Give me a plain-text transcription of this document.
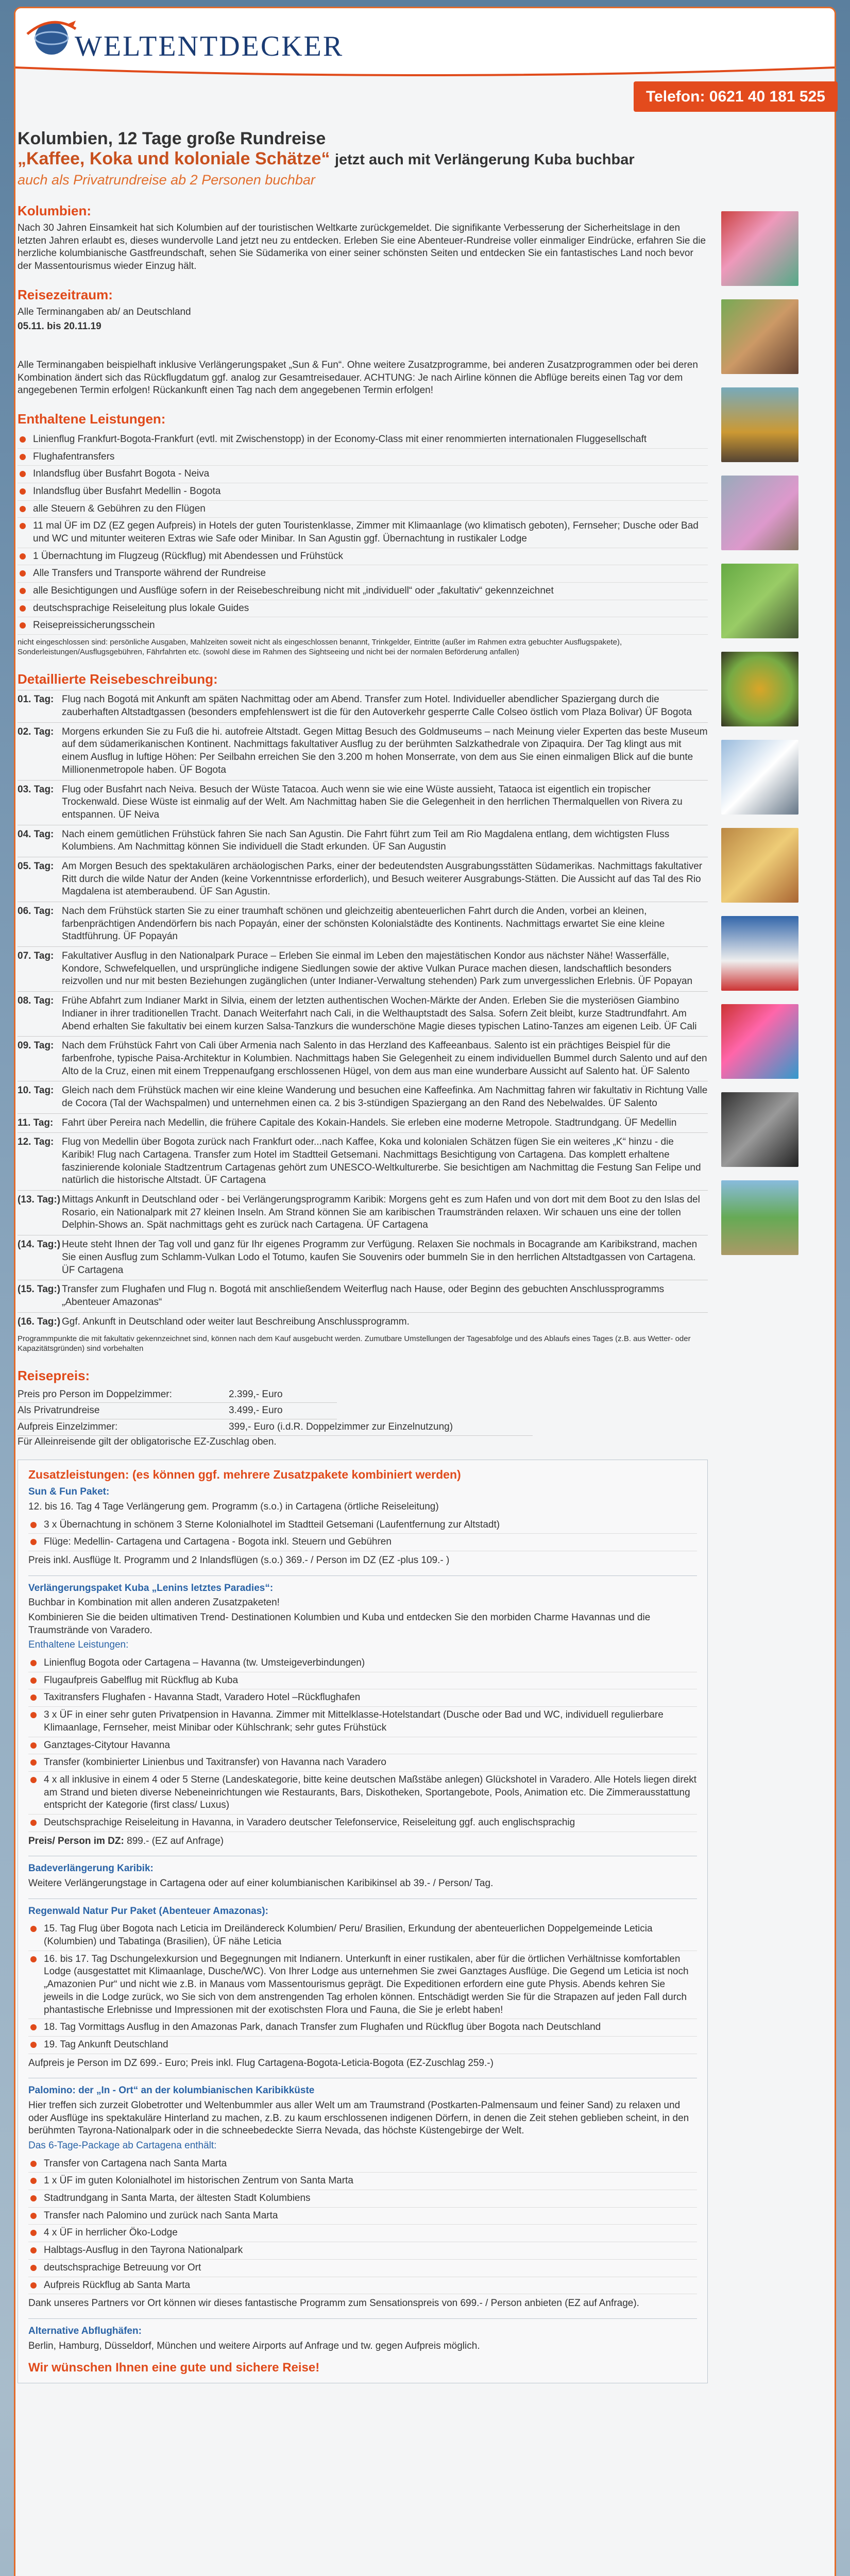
WELTENTDECKER
Telefon: 0621 40 181 525
Kolumbien, 12 Tage große Rundreise
„Kaffee, Koka und koloniale Schätze“ jetzt auch mit Verlängerung Kuba buchbar
auch als Privatrundreise ab 2 Personen buchbar
Kolumbien:

Nach 30 Jahren Einsamkeit hat sich Kolumbien auf der touristischen Weltkarte zurückgemeldet. Die signifikante Verbesserung der Sicherheitslage in den letzten Jahren erlaubt es, dieses wundervolle Land jetzt neu zu entdecken. Erleben Sie eine Abenteuer-Rundreise voller einmaliger Eindrücke, erfahren Sie die herzliche kolumbianische Gastfreundschaft, sehen Sie Südamerika von einer seiner schönsten Seiten und entdecken Sie ein fantastisches Land noch bevor der Massentourismus wieder Einzug hält.

Reisezeitraum:

Alle Terminangaben ab/ an Deutschland

05.11. bis 20.11.19

Alle Terminangaben beispielhaft inklusive Verlängerungspaket „Sun & Fun“. Ohne weitere Zusatzprogramme, bei anderen Zusatzprogrammen oder bei deren Kombination ändert sich das Rückflugdatum ggf. analog zur Gesamtreisedauer. ACHTUNG: Je nach Airline können die Abflüge bereits einen Tag vor dem angegebenen Termin erfolgen! Rückankunft einen Tag nach dem angegebenen Termin erfolgen!

Enthaltene Leistungen:
Linienflug Frankfurt-Bogota-Frankfurt (evtl. mit Zwischenstopp) in der Economy-Class mit einer renommierten internationalen Fluggesellschaft
Flughafentransfers
Inlandsflug über Busfahrt Bogota - Neiva
Inlandsflug über Busfahrt Medellin - Bogota
alle Steuern & Gebühren zu den Flügen
11 mal ÜF im DZ (EZ gegen Aufpreis) in Hotels der guten Touristenklasse, Zimmer mit Klimaanlage (wo klimatisch geboten), Fernseher; Dusche oder Bad und WC und mitunter weiteren Extras wie Safe oder Minibar. In San Agustin ggf. Übernachtung in rustikaler Lodge
1 Übernachtung im Flugzeug (Rückflug) mit Abendessen und Frühstück
Alle Transfers und Transporte während der Rundreise
alle Besichtigungen und Ausflüge sofern in der Reisebeschreibung nicht mit „individuell“ oder „fakultativ“ gekennzeichnet
deutschsprachige Reiseleitung plus lokale Guides
Reisepreissicherungsschein

nicht eingeschlossen sind: persönliche Ausgaben, Mahlzeiten soweit nicht als eingeschlossen benannt, Trinkgelder, Eintritte (außer im Rahmen extra gebuchter Ausflugspakete), Sonderleistungen/Ausflugsgebühren, Fährfahrten etc. (sowohl diese im Rahmen des Sightseeing und nicht bei der normalen Beförderung anfallen)

Detaillierte Reisebeschreibung:
01. Tag: Flug nach Bogotá mit Ankunft am späten Nachmittag oder am Abend. Transfer zum Hotel. Individueller abendlicher Spaziergang durch die zauberhaften Altstadtgassen (besonders empfehlenswert ist die für den Autoverkehr gesperrte Calle Colseo östlich vom Plaza Bolivar) ÜF Bogota
02. Tag: Morgens erkunden Sie zu Fuß die hi. autofreie Altstadt. Gegen Mittag Besuch des Goldmuseums – nach Meinung vieler Experten das beste Museum auf dem südamerikanischen Kontinent. Nachmittags fakultativer Ausflug zu der berühmten Salzkathedrale von Zipaquira. Der Tag klingt aus mit einem Ausflug in luftige Höhen: Per Seilbahn erreichen Sie den 3.200 m hohen Monserrate, von dem aus Sie einen einmaligen Blick auf die bunte Millionenmetropole haben. ÜF Bogota
03. Tag: Flug oder Busfahrt nach Neiva. Besuch der Wüste Tatacoa. Auch wenn sie wie eine Wüste aussieht, Tataoca ist eigentlich ein tropischer Trockenwald. Diese Wüste ist einmalig auf der Welt. Am Nachmittag haben Sie die Gelegenheit in den herrlichen Thermalquellen von Rivera zu entspannen. ÜF Neiva
04. Tag: Nach einem gemütlichen Frühstück fahren Sie nach San Agustin. Die Fahrt führt zum Teil am Rio Magdalena entlang, dem wichtigsten Fluss Kolumbiens. Am Nachmittag können Sie individuell die Stadt erkunden. ÜF San Augustin
05. Tag: Am Morgen Besuch des spektakulären archäologischen Parks, einer der bedeutendsten Ausgrabungsstätten Südamerikas. Nachmittags fakultativer Ritt durch die wilde Natur der Anden (keine Vorkenntnisse erforderlich), und Besuch weiterer Ausgrabungs-Stätten. Die Aussicht auf das Tal des Rio Magdalena ist atemberaubend. ÜF San Agustin.
06. Tag: Nach dem Frühstück starten Sie zu einer traumhaft schönen und gleichzeitig abenteuerlichen Fahrt durch die Anden, vorbei an kleinen, farbenprächtigen Andendörfern bis nach Popayán, einer der schönsten Kolonialstädte des Kontinents. Nachmittags erwartet Sie eine kleine Stadtführung. ÜF Popayán
07. Tag: Fakultativer Ausflug in den Nationalpark Purace – Erleben Sie einmal im Leben den majestätischen Kondor aus nächster Nähe! Wasserfälle, Kondore, Schwefelquellen, und ursprüngliche indigene Siedlungen sowie der aktive Vulkan Purace machen diesen, landschaftlich besonders reizvollen und nur mit besten Beziehungen zugänglichen (unter Indianer-Verwaltung stehenden) Park zum unvergesslichen Erlebnis. ÜF Popayan
08. Tag: Frühe Abfahrt zum Indianer Markt in Silvia, einem der letzten authentischen Wochen-Märkte der Anden. Erleben Sie die mysteriösen Giambino Indianer in ihrer traditionellen Tracht. Danach Weiterfahrt nach Cali, in die Welthauptstadt des Salsa. Sofern Zeit bleibt, kurze Stadtrundfahrt. Am Abend erhalten Sie fakultativ bei einem kurzen Salsa-Tanzkurs die wunderschöne Magie dieses typischen Latino-Tanzes am eigenen Leib. ÜF Cali
09. Tag: Nach dem Frühstück Fahrt von Cali über Armenia nach Salento in das Herzland des Kaffeeanbaus. Salento ist ein prächtiges Beispiel für die farbenfrohe, typische Paisa-Architektur in Kolumbien. Nachmittags haben Sie Gelegenheit zu einem individuellen Bummel durch Salento und auf den Alto de la Cruz, einen mit einem Treppenaufgang erschlossenen Hügel, von dem aus man eine wunderbare Aussicht auf Salento hat. ÜF Salento
10. Tag: Gleich nach dem Frühstück machen wir eine kleine Wanderung und besuchen eine Kaffeefinka. Am Nachmittag fahren wir fakultativ in Richtung Valle de Cocora (Tal der Wachspalmen) und unternehmen einen ca. 2 bis 3-stündigen Spaziergang an den Rand des Nebelwaldes. ÜF Salento
11. Tag: Fahrt über Pereira nach Medellin, die frühere Capitale des Kokain-Handels. Sie erleben eine moderne Metropole. Stadtrundgang. ÜF Medellin
12. Tag: Flug von Medellin über Bogota zurück nach Frankfurt oder...nach Kaffee, Koka und kolonialen Schätzen fügen Sie ein weiteres „K“ hinzu - die Karibik! Flug nach Cartagena. Transfer zum Hotel im Stadtteil Getsemani. Nachmittags Besichtigung von Cartagena. Das komplett erhaltene faszinierende koloniale Stadtzentrum Cartagenas gehört zum UNESCO-Weltkulturerbe. Sie besichtigen am Nachmittag die Festung San Felipe und natürlich die historische Altstadt. ÜF Cartagena
(13. Tag:) Mittags Ankunft in Deutschland oder - bei Verlängerungsprogramm Karibik: Morgens geht es zum Hafen und von dort mit dem Boot zu den Islas del Rosario, ein Nationalpark mit 27 kleinen Inseln. Am Strand können Sie am karibischen Traumstränden relaxen. Wir schauen uns eine der tollen Delphin-Shows an. Spät nachmittags geht es zurück nach Cartagena. ÜF Cartagena
(14. Tag:) Heute steht Ihnen der Tag voll und ganz für Ihr eigenes Programm zur Verfügung. Relaxen Sie nochmals in Bocagrande am Karibikstrand, machen Sie einen Ausflug zum Schlamm-Vulkan Lodo el Totumo, kaufen Sie Souvenirs oder bummeln Sie in den herrlichen Altstadtgassen von Cartagena. ÜF Cartagena
(15. Tag:) Transfer zum Flughafen und Flug n. Bogotá mit anschließendem Weiterflug nach Hause, oder Beginn des gebuchten Anschlussprogramms „Abenteuer Amazonas“
(16. Tag:) Ggf. Ankunft in Deutschland oder weiter laut Beschreibung Anschlussprogramm.

Programmpunkte die mit fakultativ gekennzeichnet sind, können nach dem Kauf ausgebucht werden. Zumutbare Umstellungen der Tagesabfolge und des Ablaufs eines Tages (z.B. aus Wetter- oder Kapazitätsgründen) sind vorbehalten

Reisepreis:
Preis pro Person im Doppelzimmer:	2.399,- Euro
Als Privatrundreise	3.499,- Euro
Aufpreis Einzelzimmer:	399,- Euro (i.d.R. Doppelzimmer zur Einzelnutzung)

Für Alleinreisende gilt der obligatorische EZ-Zuschlag oben.

Zusatzleistungen: (es können ggf. mehrere Zusatzpakete kombiniert werden)
Sun & Fun Paket:

12. bis 16. Tag 4 Tage Verlängerung gem. Programm (s.o.) in Cartagena (örtliche Reiseleitung)

3 x Übernachtung in schönem 3 Sterne Kolonialhotel im Stadtteil Getsemani (Laufentfernung zur Altstadt)
Flüge: Medellin- Cartagena und Cartagena - Bogota inkl. Steuern und Gebühren

Preis inkl. Ausflüge lt. Programm und 2 Inlandsflügen (s.o.) 369.- / Person im DZ (EZ -plus 109.- )

Verlängerungspaket Kuba „Lenins letztes Paradies“:

Buchbar in Kombination mit allen anderen Zusatzpaketen!

Kombinieren Sie die beiden ultimativen Trend- Destinationen Kolumbien und Kuba und entdecken Sie den morbiden Charme Havannas und die Traumstrände von Varadero.

Enthaltene Leistungen:

Linienflug Bogota oder Cartagena – Havanna (tw. Umsteigeverbindungen)
Flugaufpreis Gabelflug mit Rückflug ab Kuba
Taxitransfers Flughafen - Havanna Stadt, Varadero Hotel –Rückflughafen
3 x ÜF in einer sehr guten Privatpension in Havanna. Zimmer mit Mittelklasse-Hotelstandart (Dusche oder Bad und WC, individuell regulierbare Klimaanlage, Fernseher, meist Minibar oder Kühlschrank; sehr gutes Frühstück
Ganztages-Citytour Havanna
Transfer (kombinierter Linienbus und Taxitransfer) von Havanna nach Varadero
4 x all inklusive in einem 4 oder 5 Sterne (Landeskategorie, bitte keine deutschen Maßstäbe anlegen) Glückshotel in Varadero. Alle Hotels liegen direkt am Strand und bieten diverse Nebeneinrichtungen wie Restaurants, Bars, Diskotheken, Sportangebote, Pools, Animation etc. Die Zimmerausstattung entspricht der Kategorie (first class/ Luxus)
Deutschsprachige Reiseleitung in Havanna, in Varadero deutscher Telefonservice, Reiseleitung ggf. auch englischsprachig

Preis/ Person im DZ: 899.- (EZ auf Anfrage)

Badeverlängerung Karibik:

Weitere Verlängerungstage in Cartagena oder auf einer kolumbianischen Karibikinsel ab 39.- / Person/ Tag.

Regenwald Natur Pur Paket (Abenteuer Amazonas):
15. Tag Flug über Bogota nach Leticia im Dreiländereck Kolumbien/ Peru/ Brasilien, Erkundung der abenteuerlichen Doppelgemeinde Leticia (Kolumbien) und Tabatinga (Brasilien), ÜF nähe Leticia
16. bis 17. Tag Dschungelexkursion und Begegnungen mit Indianern. Unterkunft in einer rustikalen, aber für die örtlichen Verhältnisse komfortablen Lodge (ausgestattet mit Klimaanlage, Dusche/WC). Von Ihrer Lodge aus unternehmen Sie zwei Ganztages Ausflüge. Die Gegend um Leticia ist noch „Amazonien Pur“ und nicht wie z.B. in Manaus vom Massentourismus geprägt. Die Expeditionen erfordern eine gute Physis. Abends kehren Sie jeweils in die Lodge zurück, wo Sie sich von dem anstrengenden Tag erholen können. Entschädigt werden Sie für die Strapazen auf jeden Fall durch phantastische Erlebnisse und Impressionen mit der exotischsten Flora und Fauna, die Sie je erlebt haben!
18. Tag Vormittags Ausflug in den Amazonas Park, danach Transfer zum Flughafen und Rückflug über Bogota nach Deutschland
19. Tag Ankunft Deutschland

Aufpreis je Person im DZ 699.- Euro; Preis inkl. Flug Cartagena-Bogota-Leticia-Bogota (EZ-Zuschlag 259.-)

Palomino: der „In - Ort“ an der kolumbianischen Karibikküste

Hier treffen sich zurzeit Globetrotter und Weltenbummler aus aller Welt um am Traumstrand (Postkarten-Palmensaum und feiner Sand) zu relaxen und oder Ausflüge ins spektakuläre Hinterland zu machen, z.B. zu kaum erschlossenen indigenen Dörfern, in denen die Zeit stehen geblieben scheint, in den berühmten Tayrona-Nationalpark oder in die schneebedeckte Sierra Nevada, das höchste Küstengebirge der Welt.

Das 6-Tage-Package ab Cartagena enthält:

Transfer von Cartagena nach Santa Marta
1 x ÜF im guten Kolonialhotel im historischen Zentrum von Santa Marta
Stadtrundgang in Santa Marta, der ältesten Stadt Kolumbiens
Transfer nach Palomino und zurück nach Santa Marta
4 x ÜF in herrlicher Öko-Lodge
Halbtags-Ausflug in den Tayrona Nationalpark
deutschsprachige Betreuung vor Ort
Aufpreis Rückflug ab Santa Marta

Dank unseres Partners vor Ort können wir dieses fantastische Programm zum Sensationspreis von 699.- / Person anbieten (EZ auf Anfrage).

Alternative Abflughäfen:

Berlin, Hamburg, Düsseldorf, München und weitere Airports auf Anfrage und tw. gegen Aufpreis möglich.

Wir wünschen Ihnen eine gute und sichere Reise!
